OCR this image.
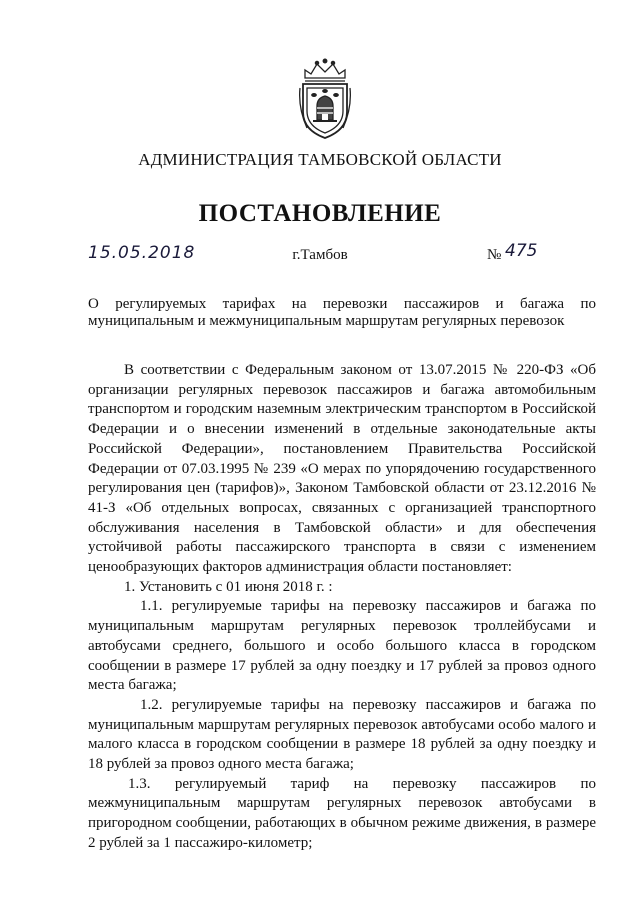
АДМИНИСТРАЦИЯ ТАМБОВСКОЙ ОБЛАСТИ
ПОСТАНОВЛЕНИЕ
15.05.2018	г.Тамбов	№ 475
О регулируемых тарифах на перевозки пассажиров и багажа по муниципальным и межмуниципальным маршрутам регулярных перевозок

В соответствии с Федеральным законом от 13.07.2015 № 220-ФЗ «Об организации регулярных перевозок пассажиров и багажа автомобильным транспортом и городским наземным электрическим транспортом в Российской Федерации и о внесении изменений в отдельные законодательные акты Российской Федерации», постановлением Правительства Российской Федерации от 07.03.1995 № 239 «О мерах по упорядочению государственного регулирования цен (тарифов)», Законом Тамбовской области от 23.12.2016 № 41-З «Об отдельных вопросах, связанных с организацией транспортного обслуживания населения в Тамбовской области» и для обеспечения устойчивой работы пассажирского транспорта в связи с изменением ценообразующих факторов администрация области постановляет:

1. Установить с 01 июня 2018 г. :

1.1. регулируемые тарифы на перевозку пассажиров и багажа по муниципальным маршрутам регулярных перевозок троллейбусами и автобусами среднего, большого и особо большого класса в городском сообщении в размере 17 рублей за одну поездку и 17 рублей за провоз одного места багажа;

1.2. регулируемые тарифы на перевозку пассажиров и багажа по муниципальным маршрутам регулярных перевозок автобусами особо малого и малого класса в городском сообщении в размере 18 рублей за одну поездку и 18 рублей за провоз одного места багажа;

1.3. регулируемый тариф на перевозку пассажиров по межмуниципальным маршрутам регулярных перевозок автобусами в пригородном сообщении, работающих в обычном режиме движения, в размере 2 рублей за 1 пассажиро-километр;
